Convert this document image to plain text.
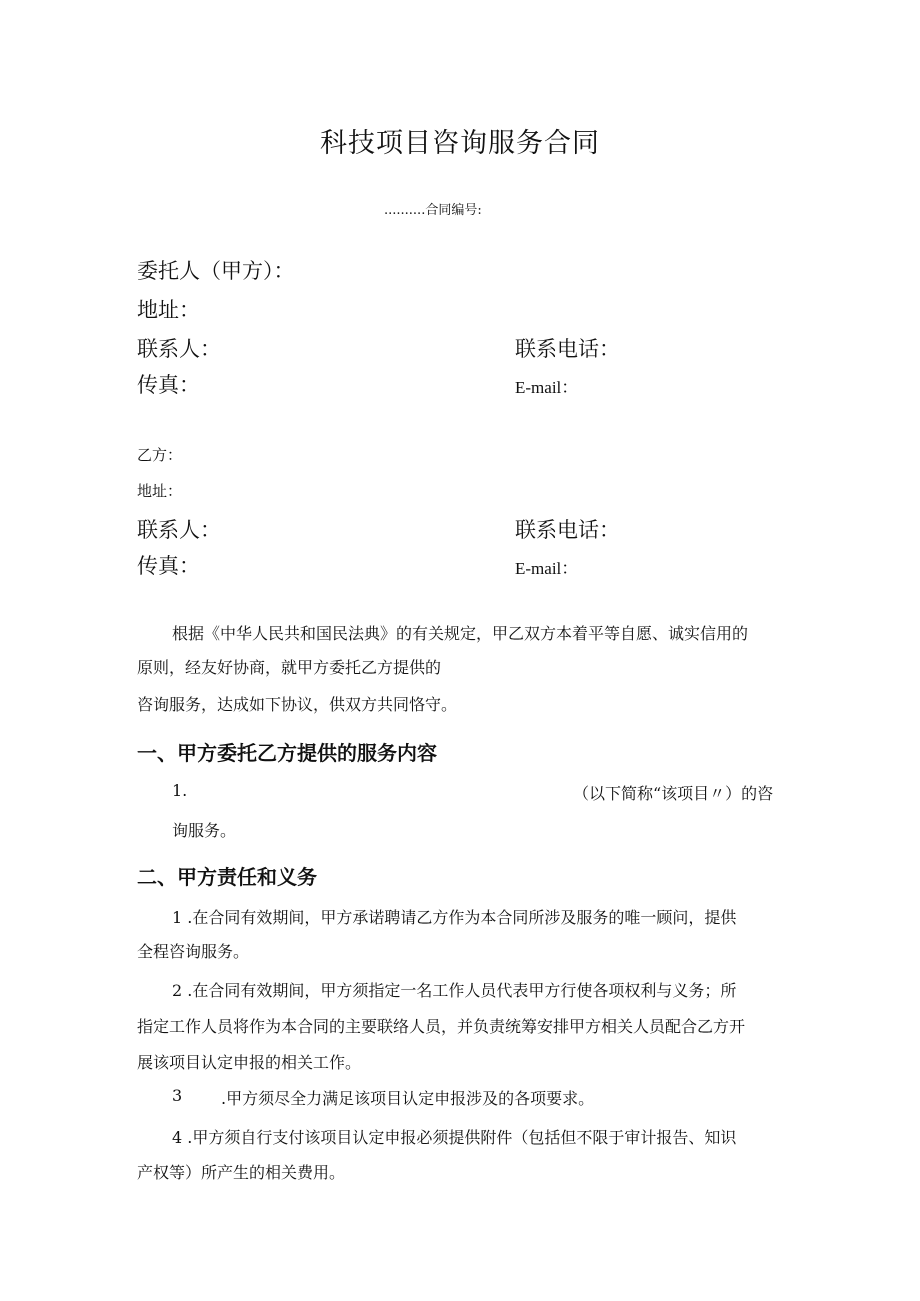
科技项目咨询服务合同
..........合同编号:
委托人（甲方）：
地址：
联系人：	联系电话：
传真：	E-mail：
乙方：
地址：
联系人：	联系电话：
传真：	E-mail：
根据《中华人民共和国民法典》的有关规定，甲乙双方本着平等自愿、诚实信用的
原则，经友好协商，就甲方委托乙方提供的
咨询服务，达成如下协议，供双方共同恪守。
一、甲方委托乙方提供的服务内容
1.	（以下简称“该项目〃）的咨
询服务。
二、甲方责任和义务
1 .在合同有效期间，甲方承诺聘请乙方作为本合同所涉及服务的唯一顾问，提供
全程咨询服务。
2 .在合同有效期间，甲方须指定一名工作人员代表甲方行使各项权利与义务；所
指定工作人员将作为本合同的主要联络人员，并负责统筹安排甲方相关人员配合乙方开
展该项目认定申报的相关工作。
3 .甲方须尽全力满足该项目认定申报涉及的各项要求。
4 .甲方须自行支付该项目认定申报必须提供附件（包括但不限于审计报告、知识
产权等）所产生的相关费用。
